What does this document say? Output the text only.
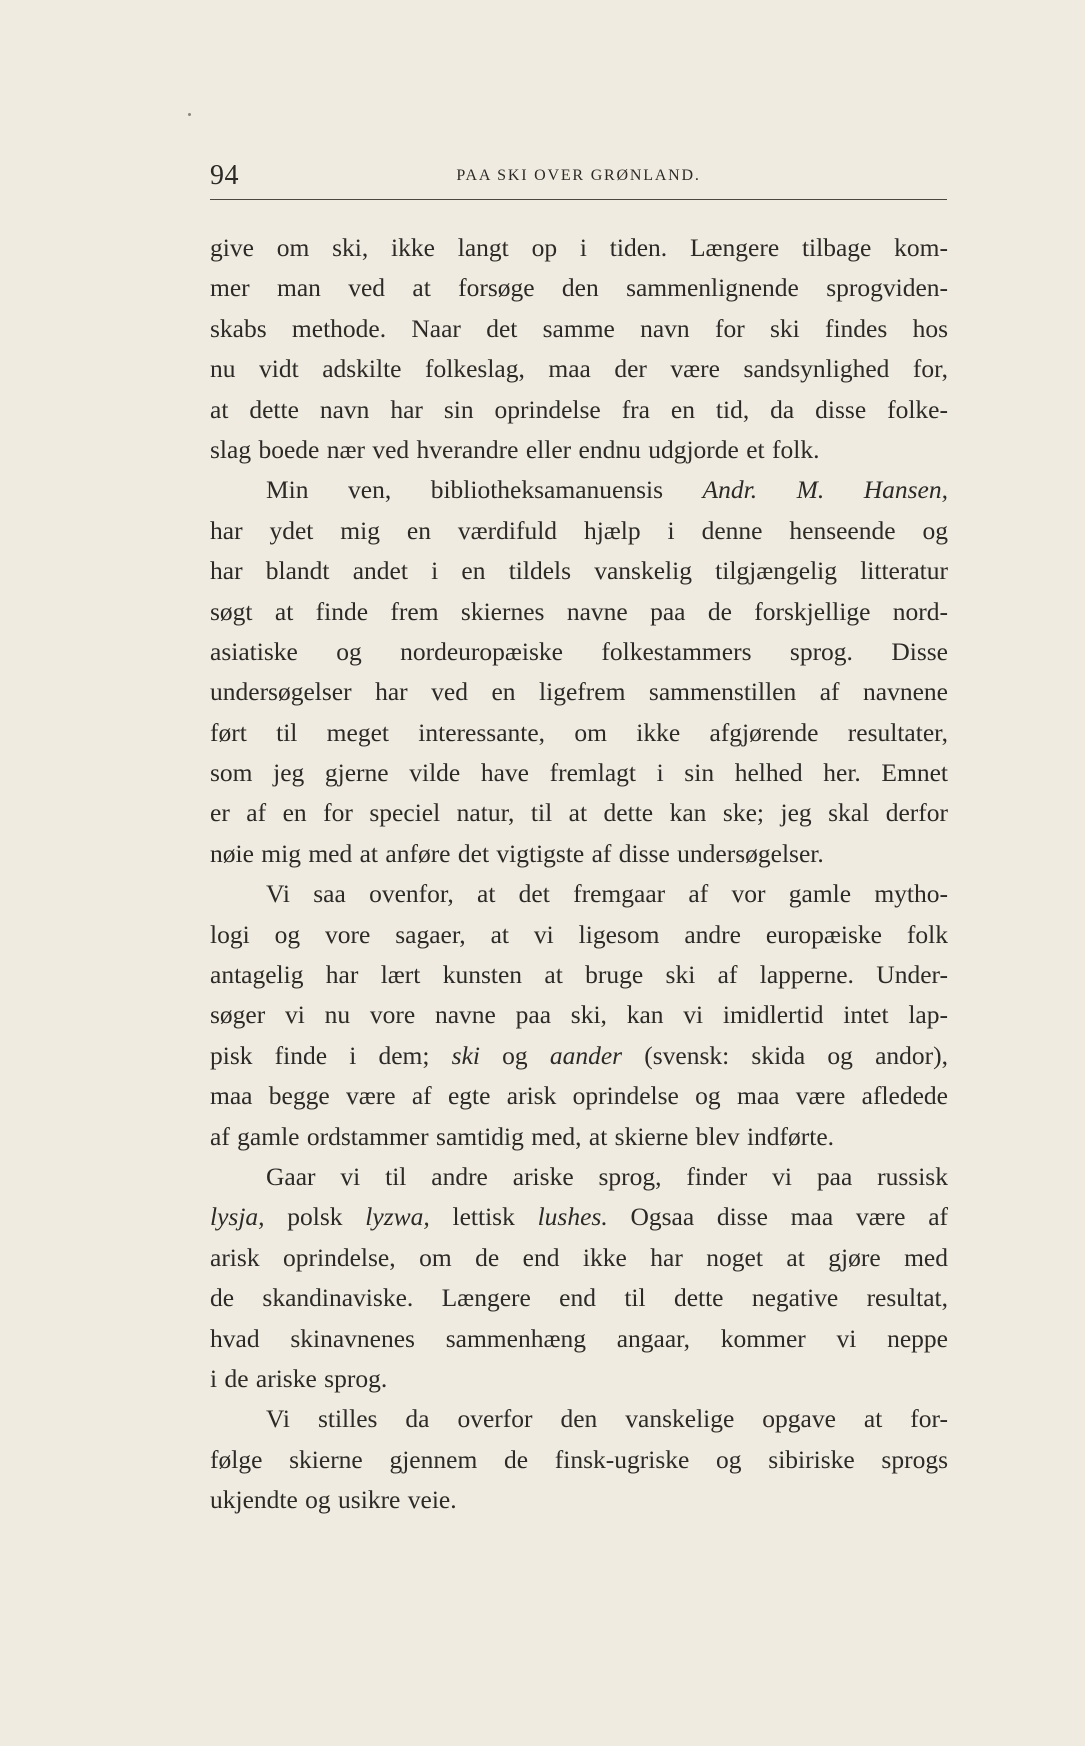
94	PAA SKI OVER GRØNLAND.
give om ski, ikke langt op i tiden. Længere tilbage kom-
mer man ved at forsøge den sammenlignende sprogviden-
skabs methode. Naar det samme navn for ski findes hos
nu vidt adskilte folkeslag, maa der være sandsynlighed for,
at dette navn har sin oprindelse fra en tid, da disse folke-
slag boede nær ved hverandre eller endnu udgjorde et folk.
Min ven, bibliotheksamanuensis Andr. M. Hansen,
har ydet mig en værdifuld hjælp i denne henseende og
har blandt andet i en tildels vanskelig tilgjængelig litteratur
søgt at finde frem skiernes navne paa de forskjellige nord-
asiatiske og nordeuropæiske folkestammers sprog. Disse
undersøgelser har ved en ligefrem sammenstillen af navnene
ført til meget interessante, om ikke afgjørende resultater,
som jeg gjerne vilde have fremlagt i sin helhed her. Emnet
er af en for speciel natur, til at dette kan ske; jeg skal derfor
nøie mig med at anføre det vigtigste af disse undersøgelser.
Vi saa ovenfor, at det fremgaar af vor gamle mytho-
logi og vore sagaer, at vi ligesom andre europæiske folk
antagelig har lært kunsten at bruge ski af lapperne. Under-
søger vi nu vore navne paa ski, kan vi imidlertid intet lap-
pisk finde i dem; ski og aander (svensk: skida og andor),
maa begge være af egte arisk oprindelse og maa være afledede
af gamle ordstammer samtidig med, at skierne blev indførte.
Gaar vi til andre ariske sprog, finder vi paa russisk
lysja, polsk lyzwa, lettisk lushes. Ogsaa disse maa være af
arisk oprindelse, om de end ikke har noget at gjøre med
de skandinaviske. Længere end til dette negative resultat,
hvad skinavnenes sammenhæng angaar, kommer vi neppe
i de ariske sprog.
Vi stilles da overfor den vanskelige opgave at for-
følge skierne gjennem de finsk-ugriske og sibiriske sprogs
ukjendte og usikre veie.
